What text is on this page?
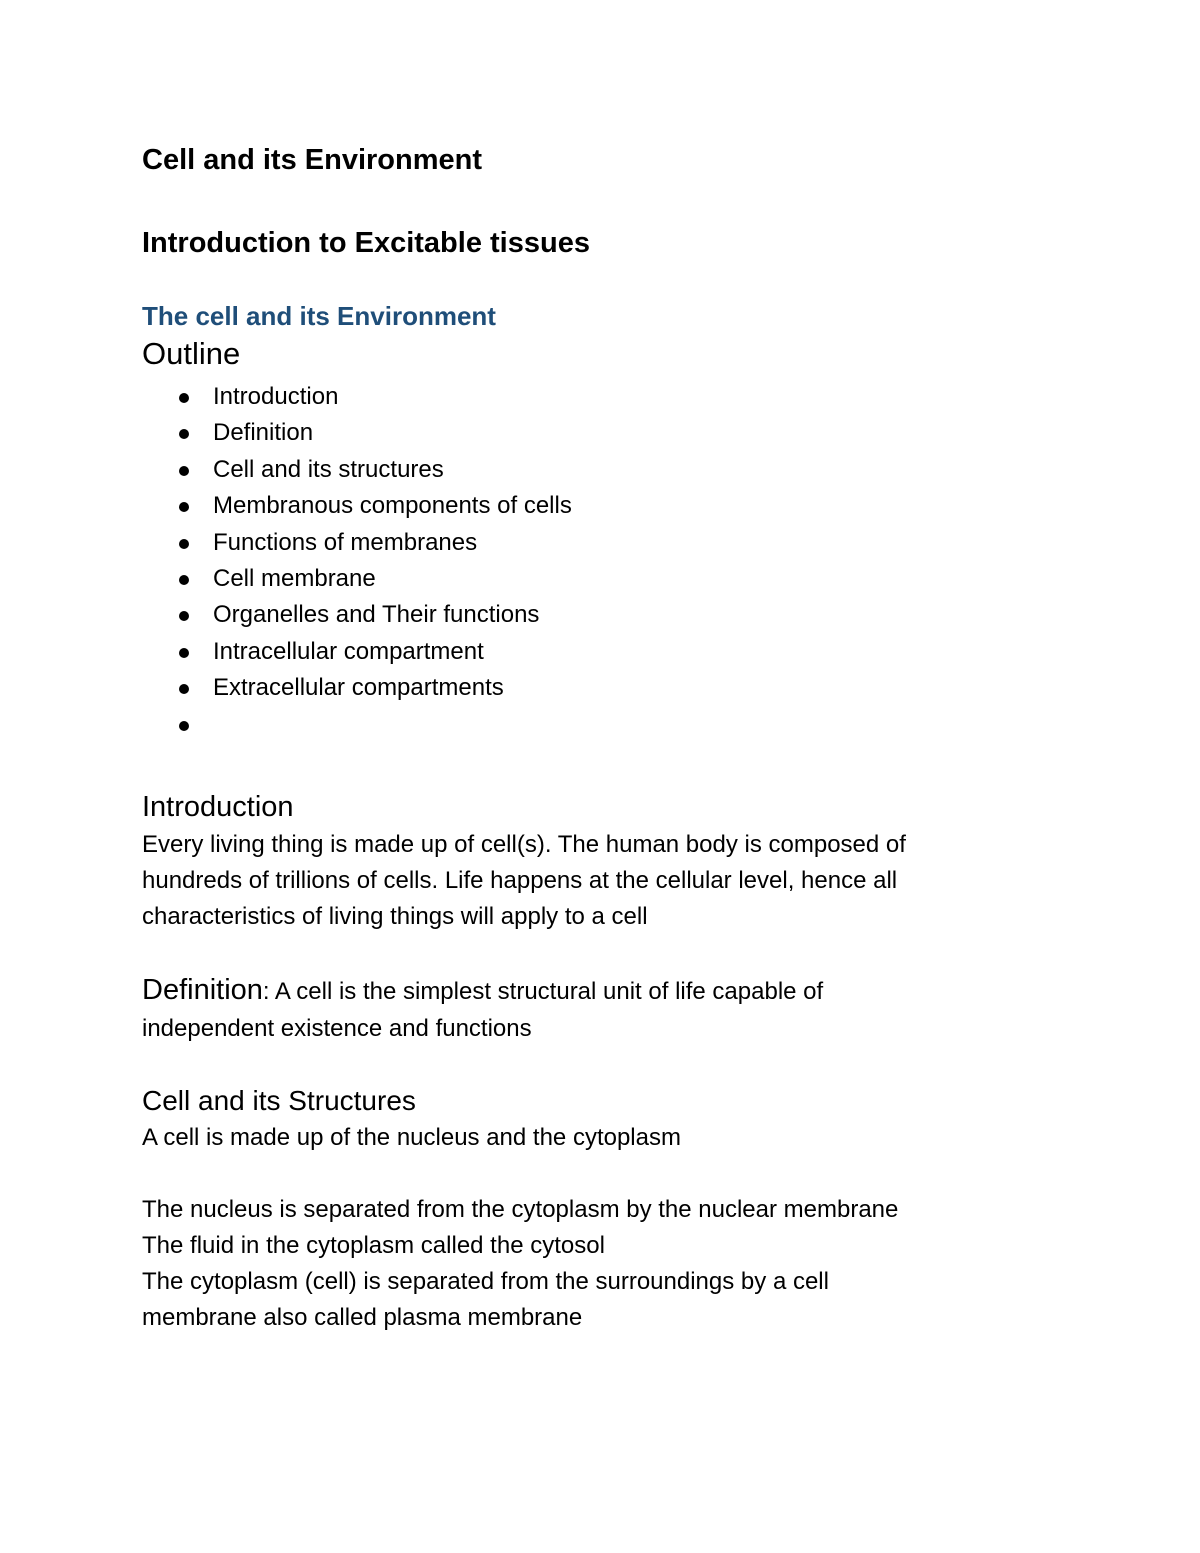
Cell and its Environment
Introduction to Excitable tissues
The cell and its Environment
Outline
Introduction
Definition
Cell and its structures
Membranous components of cells
Functions of membranes
Cell membrane
Organelles and Their functions
Intracellular compartment
Extracellular compartments
Introduction
Every living thing is made up of cell(s). The human body is composed of
hundreds of trillions of cells. Life happens at the cellular level, hence all
characteristics of living things will apply to a cell
Definition: A cell is the simplest structural unit of life capable of
independent existence and functions
Cell and its Structures
A cell is made up of the nucleus and the cytoplasm
The nucleus is separated from the cytoplasm by the nuclear membrane
The fluid in the cytoplasm called the cytosol
The cytoplasm (cell) is separated from the surroundings by a cell
membrane also called plasma membrane
